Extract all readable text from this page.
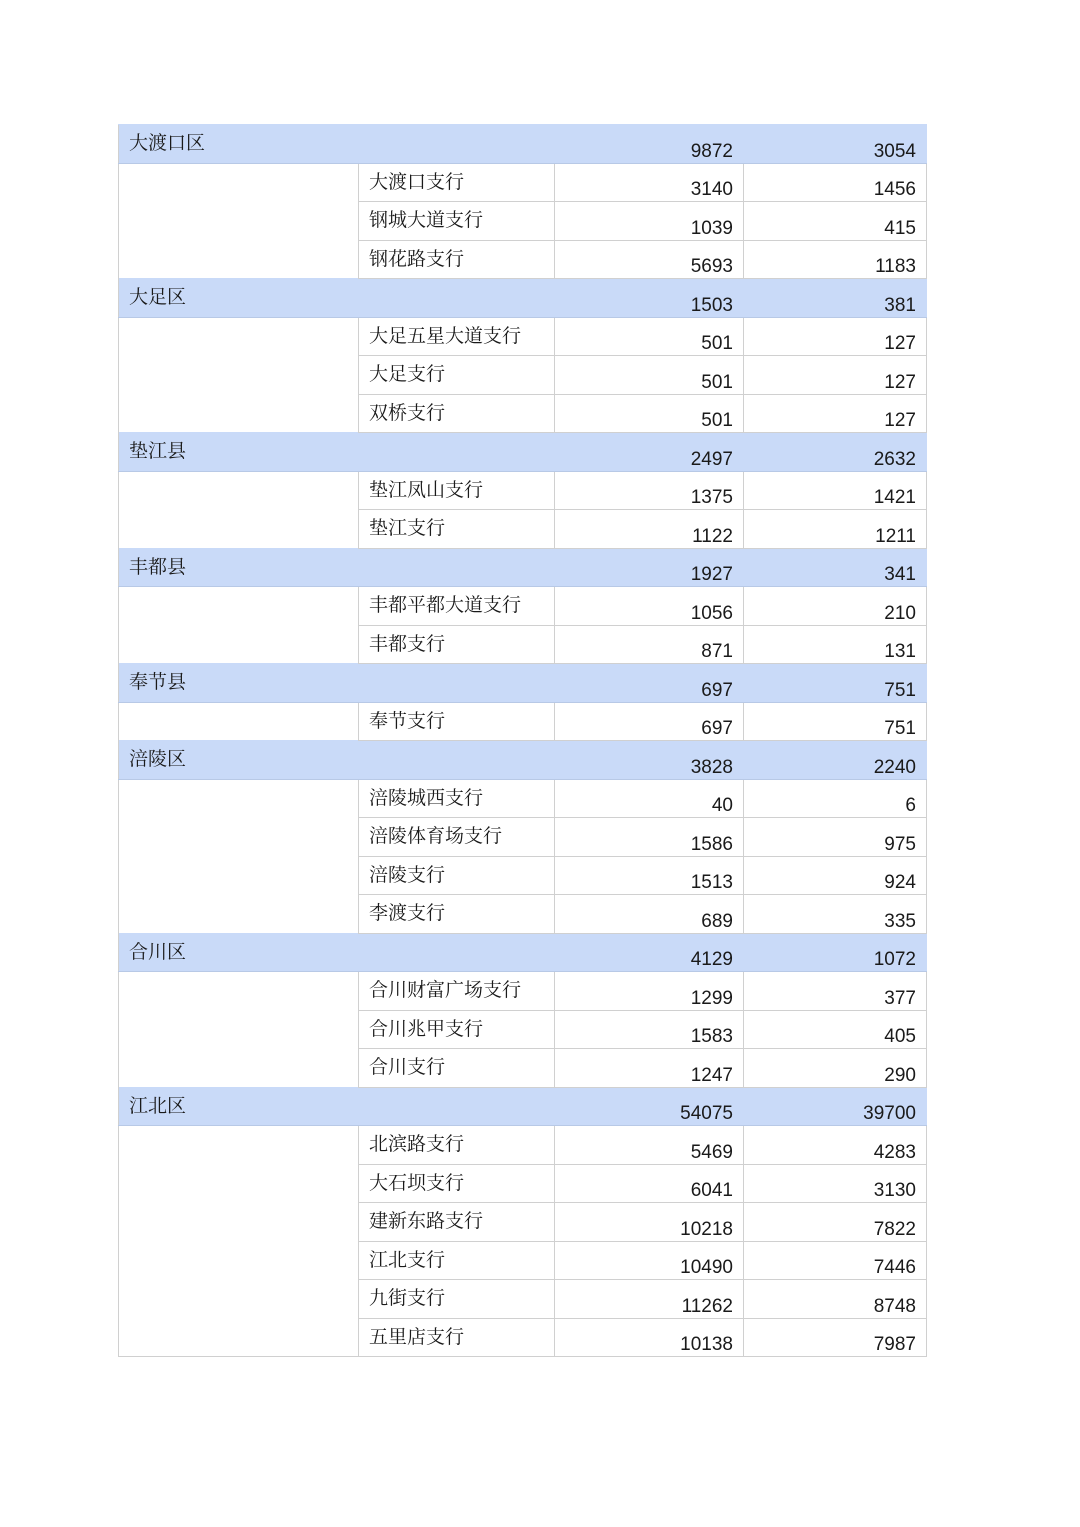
大渡口区		9872	3054
	大渡口支行	3140	1456
	钢城大道支行	1039	415
	钢花路支行	5693	1183
大足区		1503	381
	大足五星大道支行	501	127
	大足支行	501	127
	双桥支行	501	127
垫江县		2497	2632
	垫江凤山支行	1375	1421
	垫江支行	1122	1211
丰都县		1927	341
	丰都平都大道支行	1056	210
	丰都支行	871	131
奉节县		697	751
	奉节支行	697	751
涪陵区		3828	2240
	涪陵城西支行	40	6
	涪陵体育场支行	1586	975
	涪陵支行	1513	924
	李渡支行	689	335
合川区		4129	1072
	合川财富广场支行	1299	377
	合川兆甲支行	1583	405
	合川支行	1247	290
江北区		54075	39700
	北滨路支行	5469	4283
	大石坝支行	6041	3130
	建新东路支行	10218	7822
	江北支行	10490	7446
	九街支行	11262	8748
	五里店支行	10138	7987
